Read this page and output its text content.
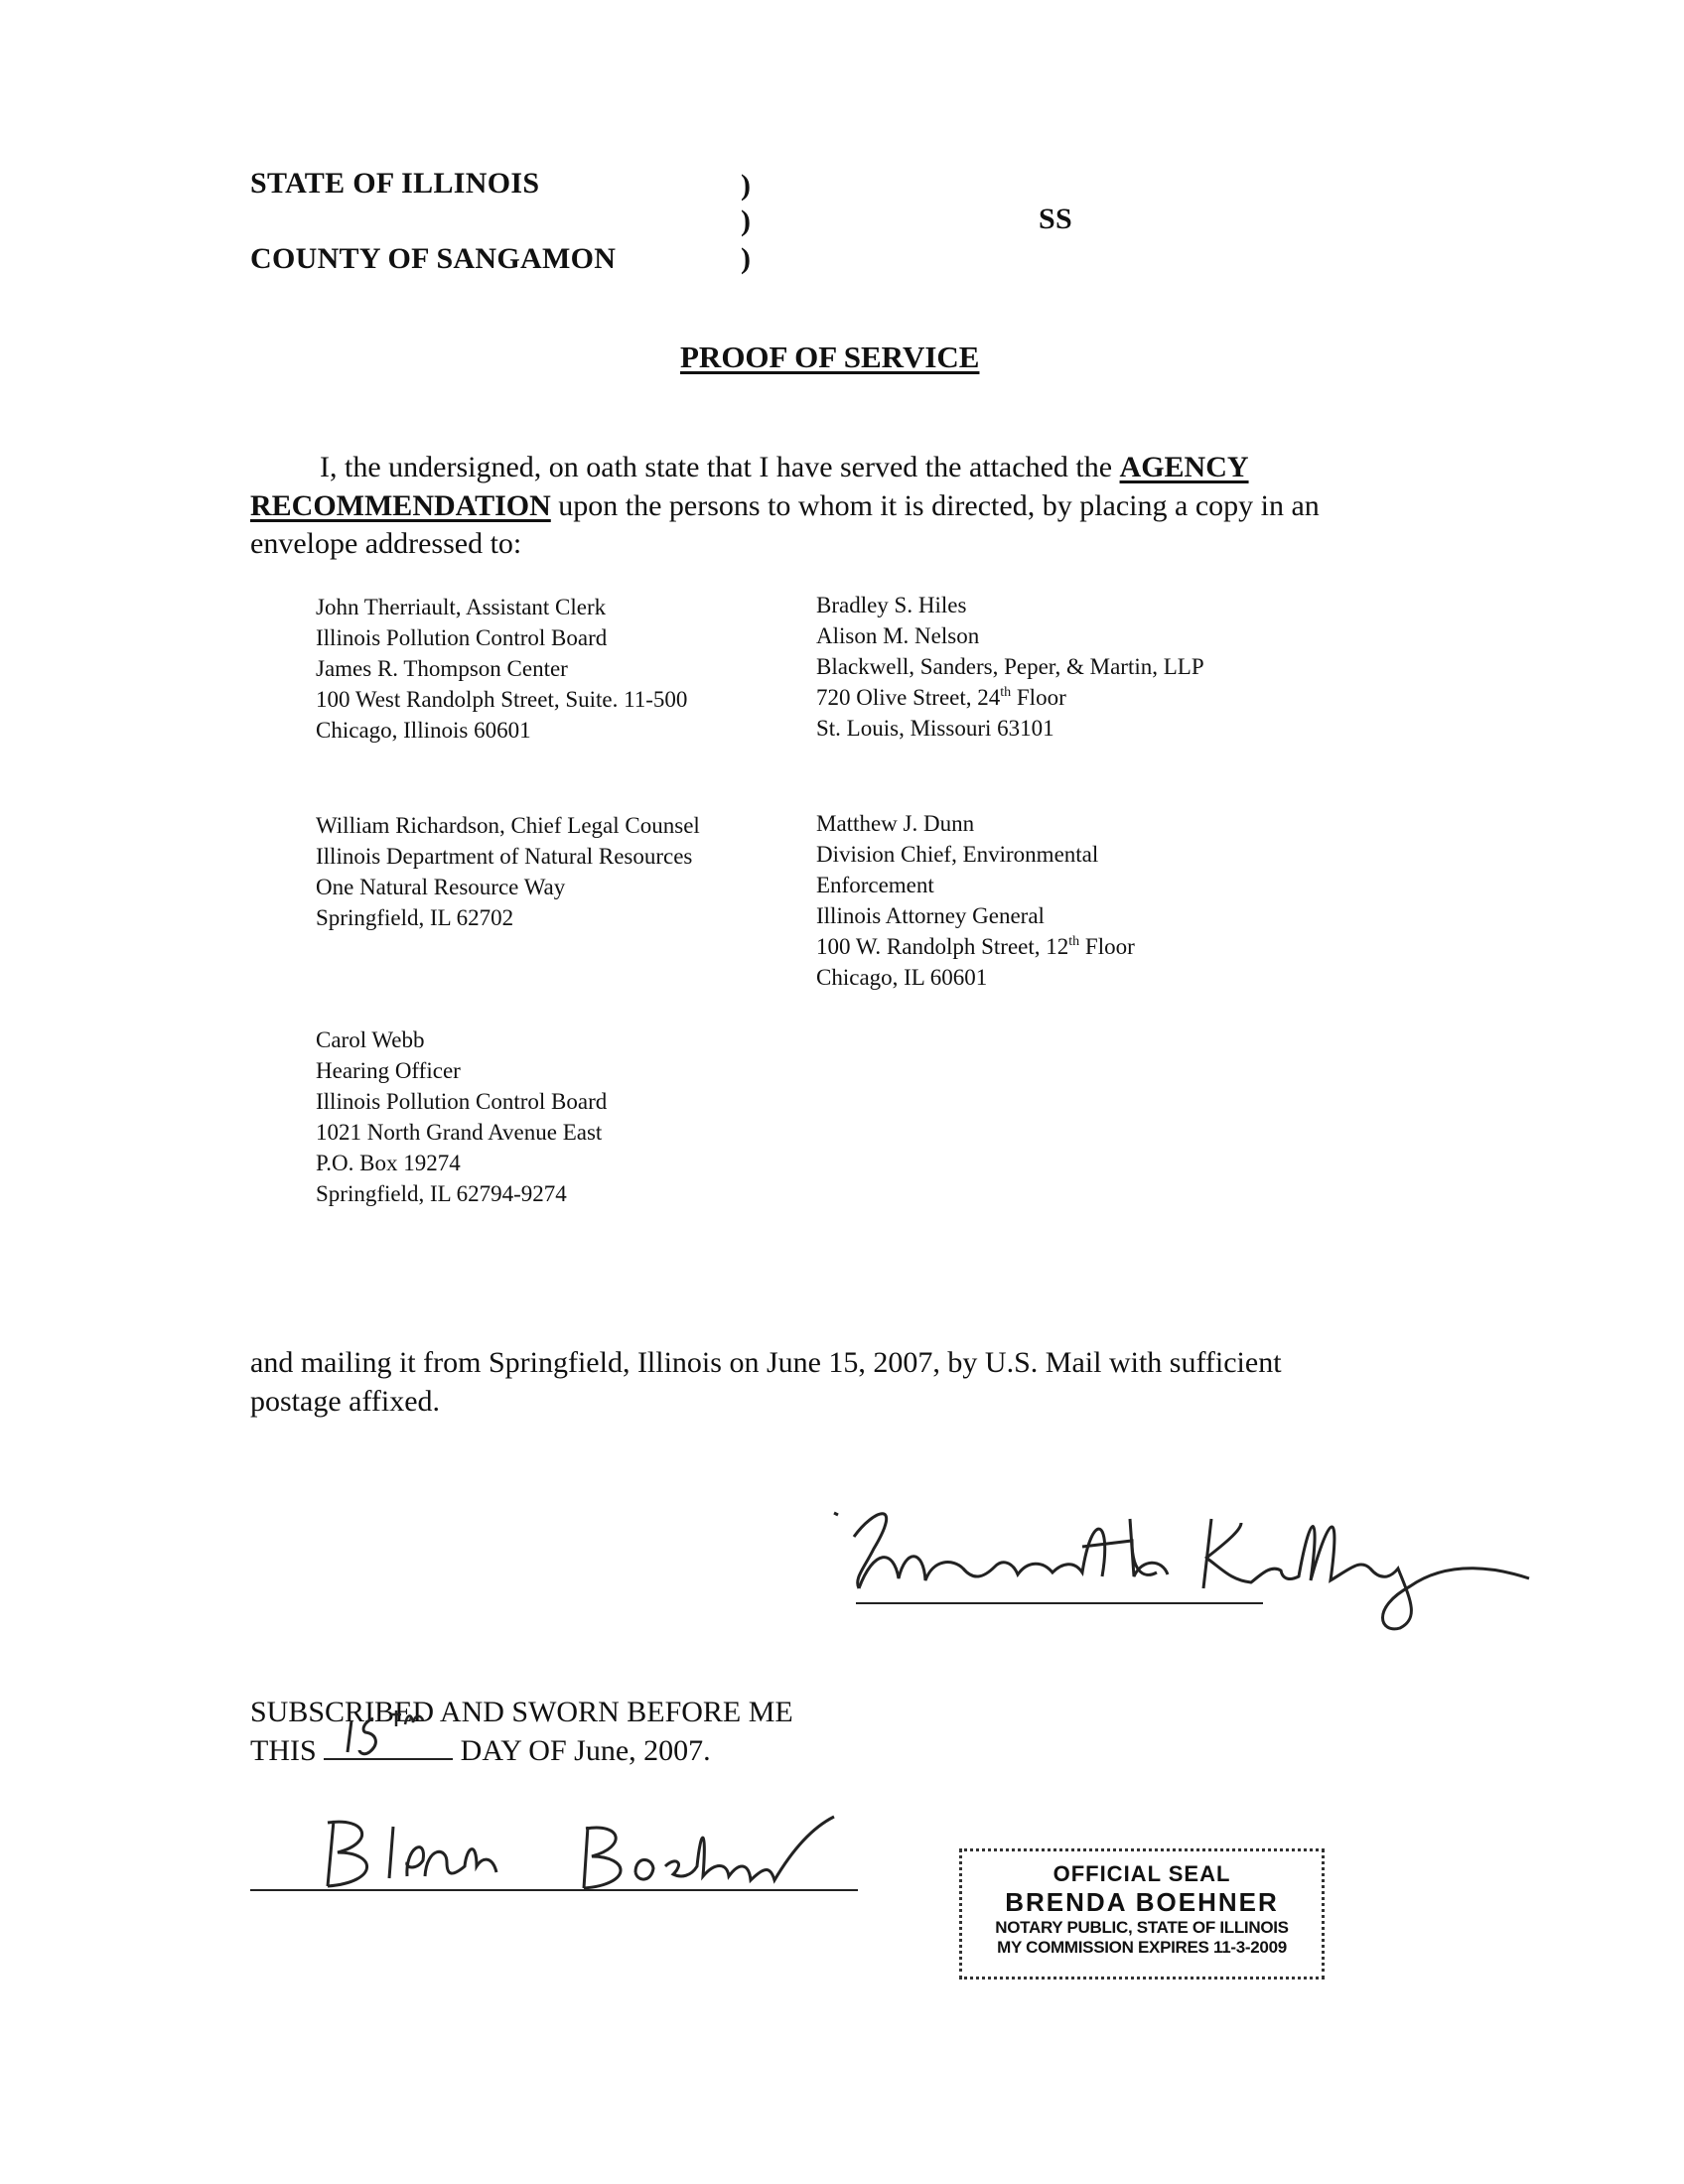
STATE OF ILLINOIS
COUNTY OF SANGAMON
)
)
)
SS
PROOF OF SERVICE
I, the undersigned, on oath state that I have served the attached the AGENCY
RECOMMENDATION upon the persons to whom it is directed, by placing a copy in an
envelope addressed to:
John Therriault, Assistant Clerk
Illinois Pollution Control Board
James R. Thompson Center
100 West Randolph Street, Suite. 11-500
Chicago, Illinois 60601
Bradley S. Hiles
Alison M. Nelson
Blackwell, Sanders, Peper, & Martin, LLP
720 Olive Street, 24th Floor
St. Louis, Missouri 63101
William Richardson, Chief Legal Counsel
Illinois Department of Natural Resources
One Natural Resource Way
Springfield, IL 62702
Matthew J. Dunn
Division Chief, Environmental
Enforcement
Illinois Attorney General
100 W. Randolph Street, 12th Floor
Chicago, IL 60601
Carol Webb
Hearing Officer
Illinois Pollution Control Board
1021 North Grand Avenue East
P.O. Box 19274
Springfield, IL 62794-9274
and mailing it from Springfield, Illinois on June 15, 2007, by U.S. Mail with sufficient
postage affixed.
SUBSCRIBED AND SWORN BEFORE ME
THIS	DAY OF June, 2007.
OFFICIAL SEAL
BRENDA BOEHNER
NOTARY PUBLIC, STATE OF ILLINOIS
MY COMMISSION EXPIRES 11-3-2009
